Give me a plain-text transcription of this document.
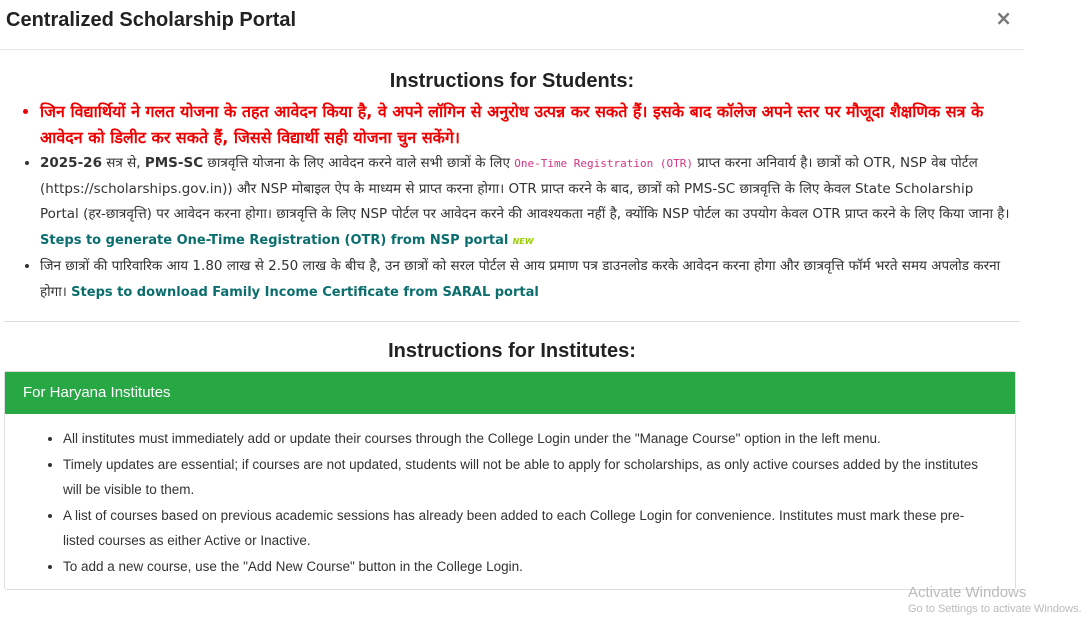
Centralized Scholarship Portal	×
Instructions for Students:
• जिन विद्यार्थियों ने गलत योजना के तहत आवेदन किया है, वे अपने लॉगिन से अनुरोध उत्पन्न कर सकते हैं। इसके बाद कॉलेज अपने स्तर पर मौजूदा शैक्षणिक सत्र के आवेदन को डिलीट कर सकते हैं, जिससे विद्यार्थी सही योजना चुन सकेंगे।
• 2025-26 सत्र से, PMS-SC छात्रवृत्ति योजना के लिए आवेदन करने वाले सभी छात्रों के लिए One-Time Registration (OTR) प्राप्त करना अनिवार्य है। छात्रों को OTR, NSP वेब पोर्टल (https://scholarships.gov.in)) और NSP मोबाइल ऐप के माध्यम से प्राप्त करना होगा। OTR प्राप्त करने के बाद, छात्रों को PMS-SC छात्रवृत्ति के लिए केवल State Scholarship Portal (हर-छात्रवृत्ति) पर आवेदन करना होगा। छात्रवृत्ति के लिए NSP पोर्टल पर आवेदन करने की आवश्यकता नहीं है, क्योंकि NSP पोर्टल का उपयोग केवल OTR प्राप्त करने के लिए किया जाना है। Steps to generate One-Time Registration (OTR) from NSP portal NEW
• जिन छात्रों की पारिवारिक आय 1.80 लाख से 2.50 लाख के बीच है, उन छात्रों को सरल पोर्टल से आय प्रमाण पत्र डाउनलोड करके आवेदन करना होगा और छात्रवृत्ति फॉर्म भरते समय अपलोड करना होगा। Steps to download Family Income Certificate from SARAL portal
Instructions for Institutes:
For Haryana Institutes
• All institutes must immediately add or update their courses through the College Login under the "Manage Course" option in the left menu.
• Timely updates are essential; if courses are not updated, students will not be able to apply for scholarships, as only active courses added by the institutes will be visible to them.
• A list of courses based on previous academic sessions has already been added to each College Login for convenience. Institutes must mark these pre-listed courses as either Active or Inactive.
• To add a new course, use the "Add New Course" button in the College Login.
Activate Windows
Go to Settings to activate Windows.
